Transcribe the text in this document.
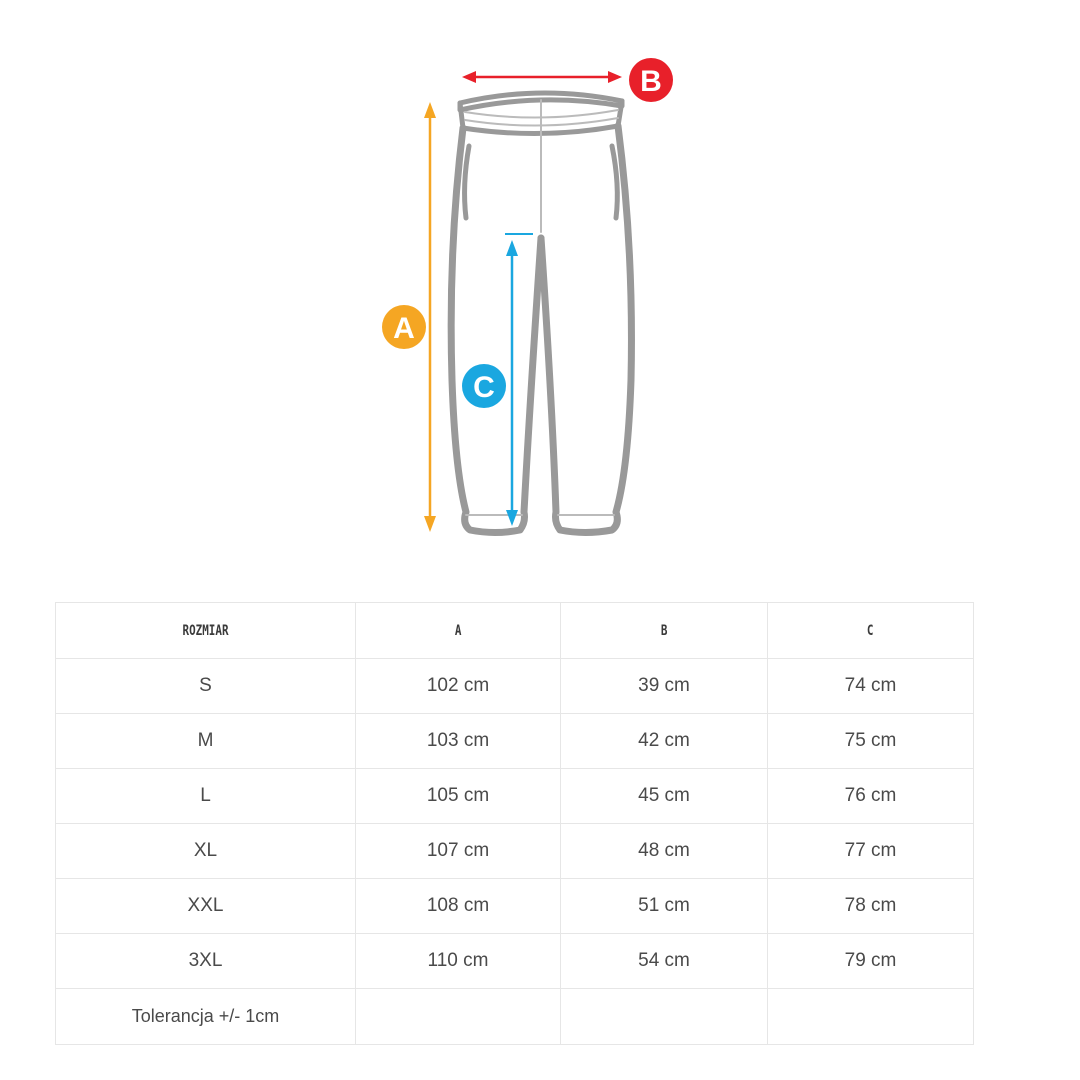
B
A
C
ROZMIAR	A	B	C
S	102 cm	39 cm	74 cm
M	103 cm	42 cm	75 cm
L	105 cm	45 cm	76 cm
XL	107 cm	48 cm	77 cm
XXL	108 cm	51 cm	78 cm
3XL	110 cm	54 cm	79 cm
Tolerancja +/- 1cm			
